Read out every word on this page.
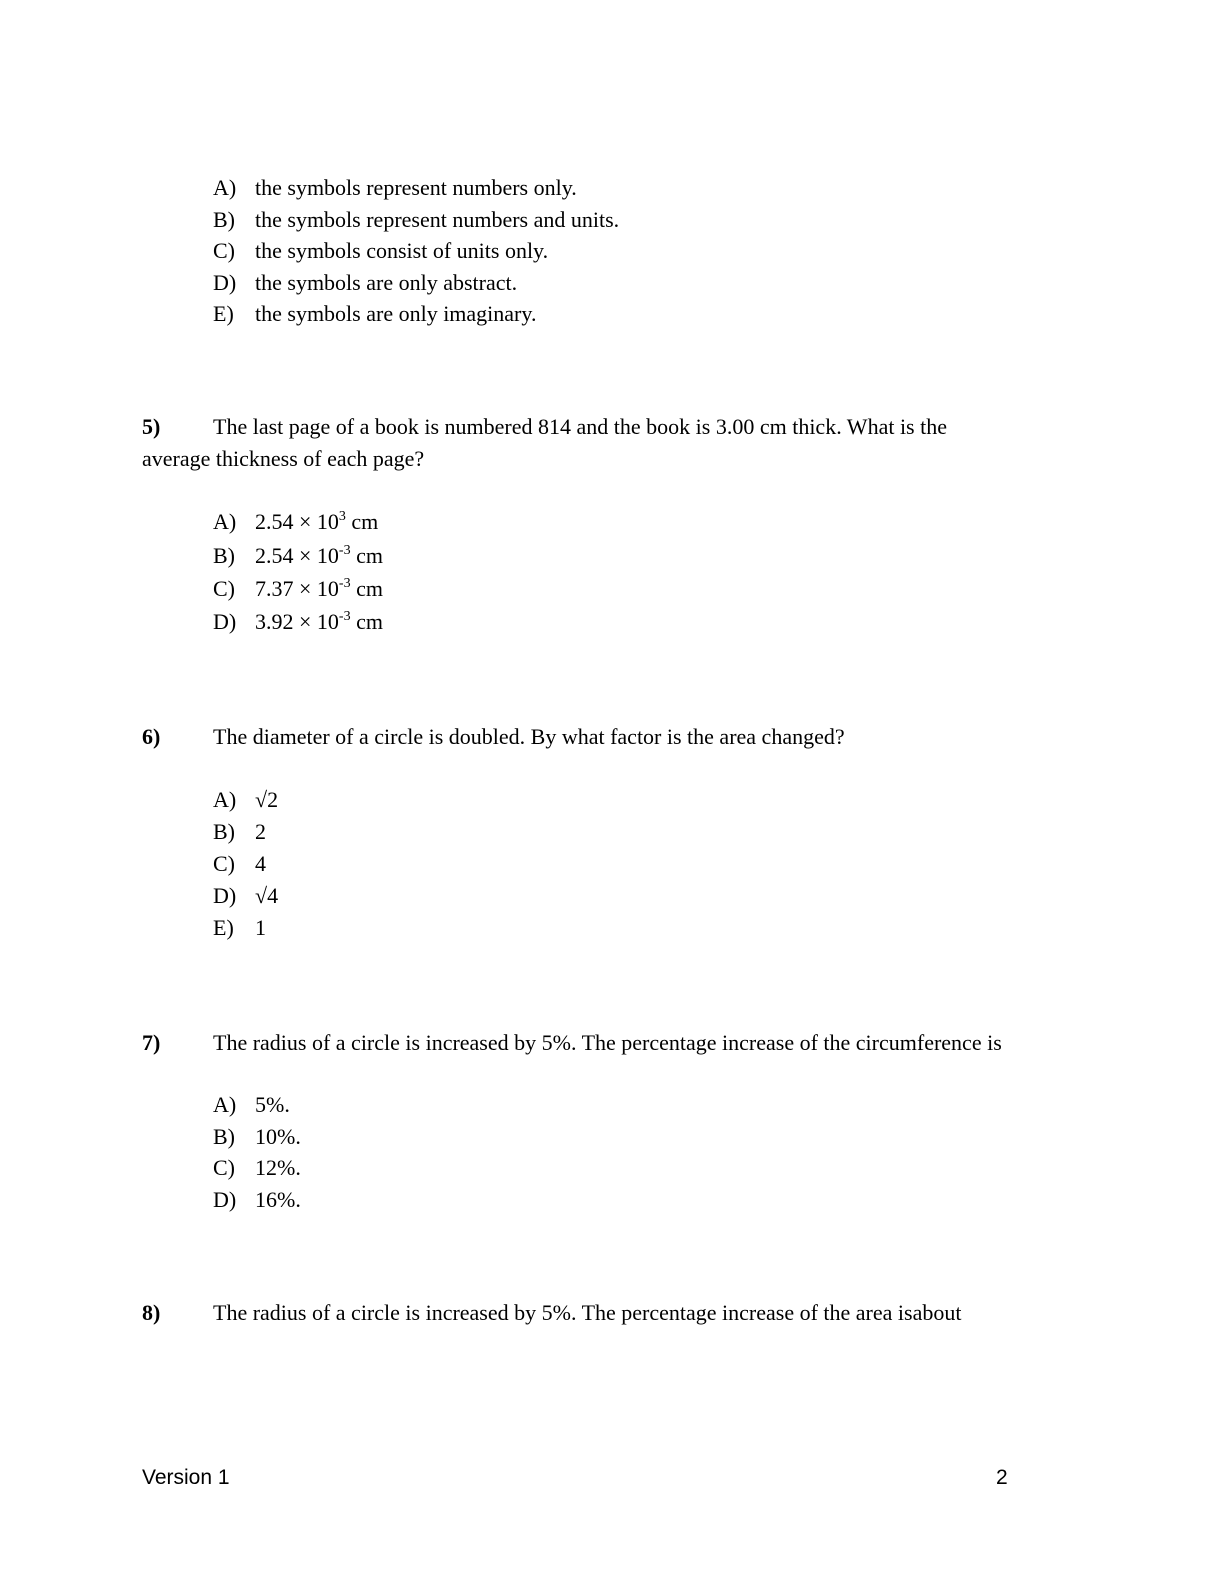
A) the symbols represent numbers only.
B) the symbols represent numbers and units.
C) the symbols consist of units only.
D) the symbols are only abstract.
E) the symbols are only imaginary.
5) The last page of a book is numbered 814 and the book is 3.00 cm thick. What is the
average thickness of each page?
A) $2.54 \times 10^3$ cm
B) $2.54 \times 10^{-3}$ cm
C) $7.37 \times 10^{-3}$ cm
D) $3.92 \times 10^{-3}$ cm
6) The diameter of a circle is doubled. By what factor is the area changed?
A) √2
B) 2
C) 4
D) √4
E) 1
7) The radius of a circle is increased by 5%. The percentage increase of the circumference is
A) 5%.
B) 10%.
C) 12%.
D) 16%.
8) The radius of a circle is increased by 5%. The percentage increase of the area isabout
Version 1	2
